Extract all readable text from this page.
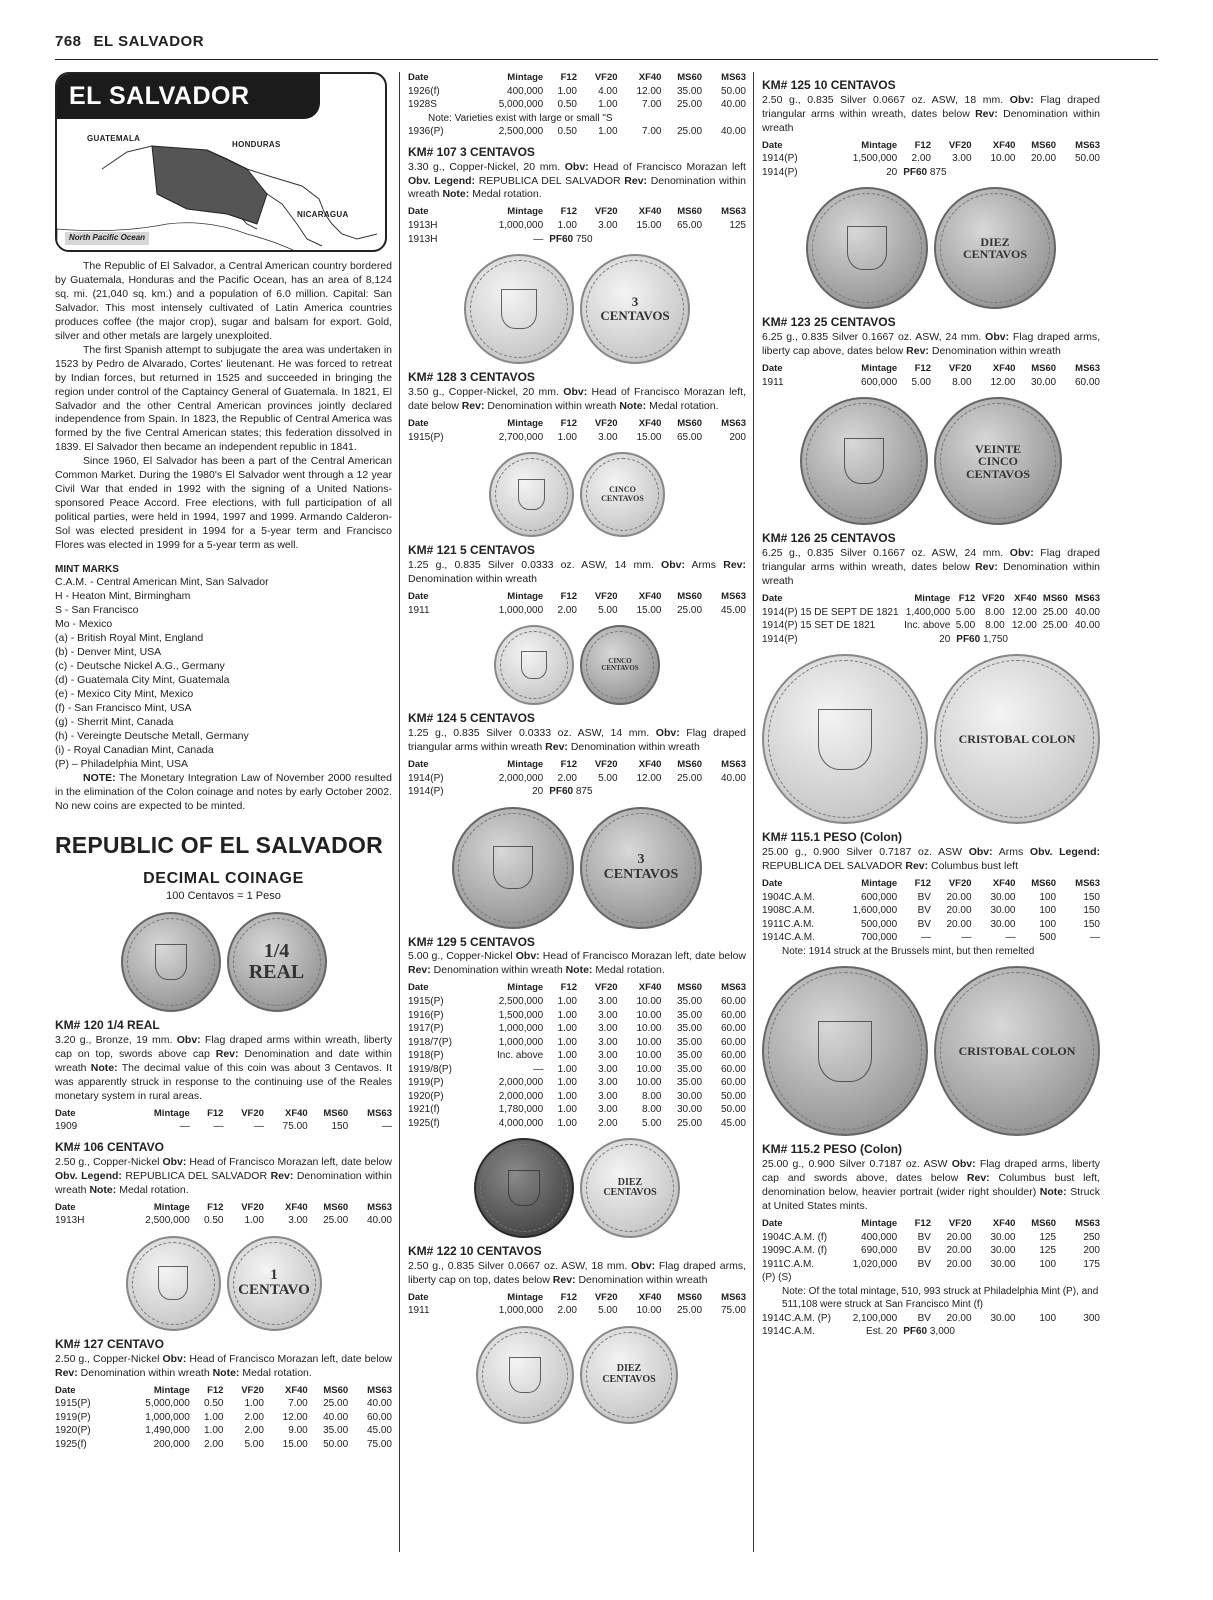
768 EL SALVADOR
EL SALVADOR
GUATEMALA
HONDURAS
NICARAGUA
North Pacific Ocean

The Republic of El Salvador, a Central American country bordered by Guatemala, Honduras and the Pacific Ocean, has an area of 8,124 sq. mi. (21,040 sq. km.) and a population of 6.0 million. Capital: San Salvador. This most intensely cultivated of Latin America countries produces coffee (the major crop), sugar and balsam for export. Gold, silver and other metals are largely unexploited.

The first Spanish attempt to subjugate the area was undertaken in 1523 by Pedro de Alvarado, Cortes' lieutenant. He was forced to retreat by Indian forces, but returned in 1525 and succeeded in bringing the region under control of the Captaincy General of Guatemala. In 1821, El Salvador and the other Central American provinces jointly declared independence from Spain. In 1823, the Republic of Central America was formed by the five Central American states; this federation dissolved in 1839. El Salvador then became an independent republic in 1841.

Since 1960, El Salvador has been a part of the Central American Common Market. During the 1980's El Salvador went through a 12 year Civil War that ended in 1992 with the signing of a United Nations-sponsored Peace Accord. Free elections, with full participation of all political parties, were held in 1994, 1997 and 1999. Armando Calderon-Sol was elected president in 1994 for a 5-year term and Francisco Flores was elected in 1999 for a 5-year term as well.

MINT MARKS
C.A.M. - Central American Mint, San Salvador
H - Heaton Mint, Birmingham
S - San Francisco
Mo - Mexico
(a) - British Royal Mint, England
(b) - Denver Mint, USA
(c) - Deutsche Nickel A.G., Germany
(d) - Guatemala City Mint, Guatemala
(e) - Mexico City Mint, Mexico
(f) - San Francisco Mint, USA
(g) - Sherrit Mint, Canada
(h) - Vereingte Deutsche Metall, Germany
(i) - Royal Canadian Mint, Canada
(P) – Philadelphia Mint, USA

NOTE: The Monetary Integration Law of November 2000 resulted in the elimination of the Colon coinage and notes by early October 2002. No new coins are expected to be minted.

REPUBLIC OF EL SALVADOR
DECIMAL COINAGE
100 Centavos = 1 Peso
1/4
REAL
KM# 120 1/4 REAL

3.20 g., Bronze, 19 mm. Obv: Flag draped arms within wreath, liberty cap on top, swords above cap Rev: Denomination and date within wreath Note: The decimal value of this coin was about 3 Centavos. It was apparently struck in response to the continuing use of the Reales monetary system in rural areas.

Date	Mintage	F12	VF20	XF40	MS60	MS63
1909	—	—	—	75.00	150	—
KM# 106 CENTAVO

2.50 g., Copper-Nickel Obv: Head of Francisco Morazan left, date below Obv. Legend: REPUBLICA DEL SALVADOR Rev: Denomination within wreath Note: Medal rotation.

Date	Mintage	F12	VF20	XF40	MS60	MS63
1913H	2,500,000	0.50	1.00	3.00	25.00	40.00
1
CENTAVO
KM# 127 CENTAVO

2.50 g., Copper-Nickel Obv: Head of Francisco Morazan left, date below Rev: Denomination within wreath Note: Medal rotation.

Date	Mintage	F12	VF20	XF40	MS60	MS63
1915(P)	5,000,000	0.50	1.00	7.00	25.00	40.00
1919(P)	1,000,000	1.00	2.00	12.00	40.00	60.00
1920(P)	1,490,000	1.00	2.00	9.00	35.00	45.00
1925(f)	200,000	2.00	5.00	15.00	50.00	75.00
Date	Mintage	F12	VF20	XF40	MS60	MS63
1926(f)	400,000	1.00	4.00	12.00	35.00	50.00
1928S	5,000,000	0.50	1.00	7.00	25.00	40.00
Note: Varieties exist with large or small "S						
1936(P)	2,500,000	0.50	1.00	7.00	25.00	40.00
KM# 107 3 CENTAVOS

3.30 g., Copper-Nickel, 20 mm. Obv: Head of Francisco Morazan left Obv. Legend: REPUBLICA DEL SALVADOR Rev: Denomination within wreath Note: Medal rotation.

Date	Mintage	F12	VF20	XF40	MS60	MS63
1913H	1,000,000	1.00	3.00	15.00	65.00	125
1913H	—	PF60 750				
3
CENTAVOS
KM# 128 3 CENTAVOS

3.50 g., Copper-Nickel, 20 mm. Obv: Head of Francisco Morazan left, date below Rev: Denomination within wreath Note: Medal rotation.

Date	Mintage	F12	VF20	XF40	MS60	MS63
1915(P)	2,700,000	1.00	3.00	15.00	65.00	200
CINCO
CENTAVOS
KM# 121 5 CENTAVOS

1.25 g., 0.835 Silver 0.0333 oz. ASW, 14 mm. Obv: Arms Rev: Denomination within wreath

Date	Mintage	F12	VF20	XF40	MS60	MS63
1911	1,000,000	2.00	5.00	15.00	25.00	45.00
CINCO
CENTAVOS
KM# 124 5 CENTAVOS

1.25 g., 0.835 Silver 0.0333 oz. ASW, 14 mm. Obv: Flag draped triangular arms within wreath Rev: Denomination within wreath

Date	Mintage	F12	VF20	XF40	MS60	MS63
1914(P)	2,000,000	2.00	5.00	12.00	25.00	40.00
1914(P)	20	PF60 875				
3
CENTAVOS
KM# 129 5 CENTAVOS

5.00 g., Copper-Nickel Obv: Head of Francisco Morazan left, date below Rev: Denomination within wreath Note: Medal rotation.

Date	Mintage	F12	VF20	XF40	MS60	MS63
1915(P)	2,500,000	1.00	3.00	10.00	35.00	60.00
1916(P)	1,500,000	1.00	3.00	10.00	35.00	60.00
1917(P)	1,000,000	1.00	3.00	10.00	35.00	60.00
1918/7(P)	1,000,000	1.00	3.00	10.00	35.00	60.00
1918(P)	Inc. above	1.00	3.00	10.00	35.00	60.00
1919/8(P)	—	1.00	3.00	10.00	35.00	60.00
1919(P)	2,000,000	1.00	3.00	10.00	35.00	60.00
1920(P)	2,000,000	1.00	3.00	8.00	30.00	50.00
1921(f)	1,780,000	1.00	3.00	8.00	30.00	50.00
1925(f)	4,000,000	1.00	2.00	5.00	25.00	45.00
DIEZ
CENTAVOS
KM# 122 10 CENTAVOS

2.50 g., 0.835 Silver 0.0667 oz. ASW, 18 mm. Obv: Flag draped arms, liberty cap on top, dates below Rev: Denomination within wreath

Date	Mintage	F12	VF20	XF40	MS60	MS63
1911	1,000,000	2.00	5.00	10.00	25.00	75.00
DIEZ
CENTAVOS
KM# 125 10 CENTAVOS

2.50 g., 0.835 Silver 0.0667 oz. ASW, 18 mm. Obv: Flag draped triangular arms within wreath, dates below Rev: Denomination within wreath

Date	Mintage	F12	VF20	XF40	MS60	MS63
1914(P)	1,500,000	2.00	3.00	10.00	20.00	50.00
1914(P)	20	PF60 875				
DIEZ
CENTAVOS
KM# 123 25 CENTAVOS

6.25 g., 0.835 Silver 0.1667 oz. ASW, 24 mm. Obv: Flag draped arms, liberty cap above, dates below Rev: Denomination within wreath

Date	Mintage	F12	VF20	XF40	MS60	MS63
1911	600,000	5.00	8.00	12.00	30.00	60.00
VEINTE
CINCO
CENTAVOS
KM# 126 25 CENTAVOS

6.25 g., 0.835 Silver 0.1667 oz. ASW, 24 mm. Obv: Flag draped triangular arms within wreath, dates below Rev: Denomination within wreath

Date	Mintage	F12	VF20	XF40	MS60	MS63
1914(P) 15 DE SEPT DE 1821	1,400,000	5.00	8.00	12.00	25.00	40.00
1914(P) 15 SET DE 1821	Inc. above	5.00	8.00	12.00	25.00	40.00
1914(P)	20	PF60 1,750				
CRISTOBAL COLON
KM# 115.1 PESO (Colon)

25.00 g., 0.900 Silver 0.7187 oz. ASW Obv: Arms Obv. Legend: REPUBLICA DEL SALVADOR Rev: Columbus bust left

Date	Mintage	F12	VF20	XF40	MS60	MS63
1904C.A.M.	600,000	BV	20.00	30.00	100	150
1908C.A.M.	1,600,000	BV	20.00	30.00	100	150
1911C.A.M.	500,000	BV	20.00	30.00	100	150
1914C.A.M.	700,000	—	—	—	500	—
Note: 1914 struck at the Brussels mint, but then remelted						
CRISTOBAL COLON
KM# 115.2 PESO (Colon)

25.00 g., 0.900 Silver 0.7187 oz. ASW Obv: Flag draped arms, liberty cap and swords above, dates below Rev: Columbus bust left, denomination below, heavier portrait (wider right shoulder) Note: Struck at United States mints.

Date	Mintage	F12	VF20	XF40	MS60	MS63
1904C.A.M. (f)	400,000	BV	20.00	30.00	125	250
1909C.A.M. (f)	690,000	BV	20.00	30.00	125	200
1911C.A.M.	1,020,000	BV	20.00	30.00	100	175
(P) (S)						
Note: Of the total mintage, 510, 993 struck at Philadelphia Mint (P), and 511,108 were struck at San Francisco Mint (f)						
1914C.A.M. (P)	2,100,000	BV	20.00	30.00	100	300
1914C.A.M.	Est. 20	PF60 3,000				
